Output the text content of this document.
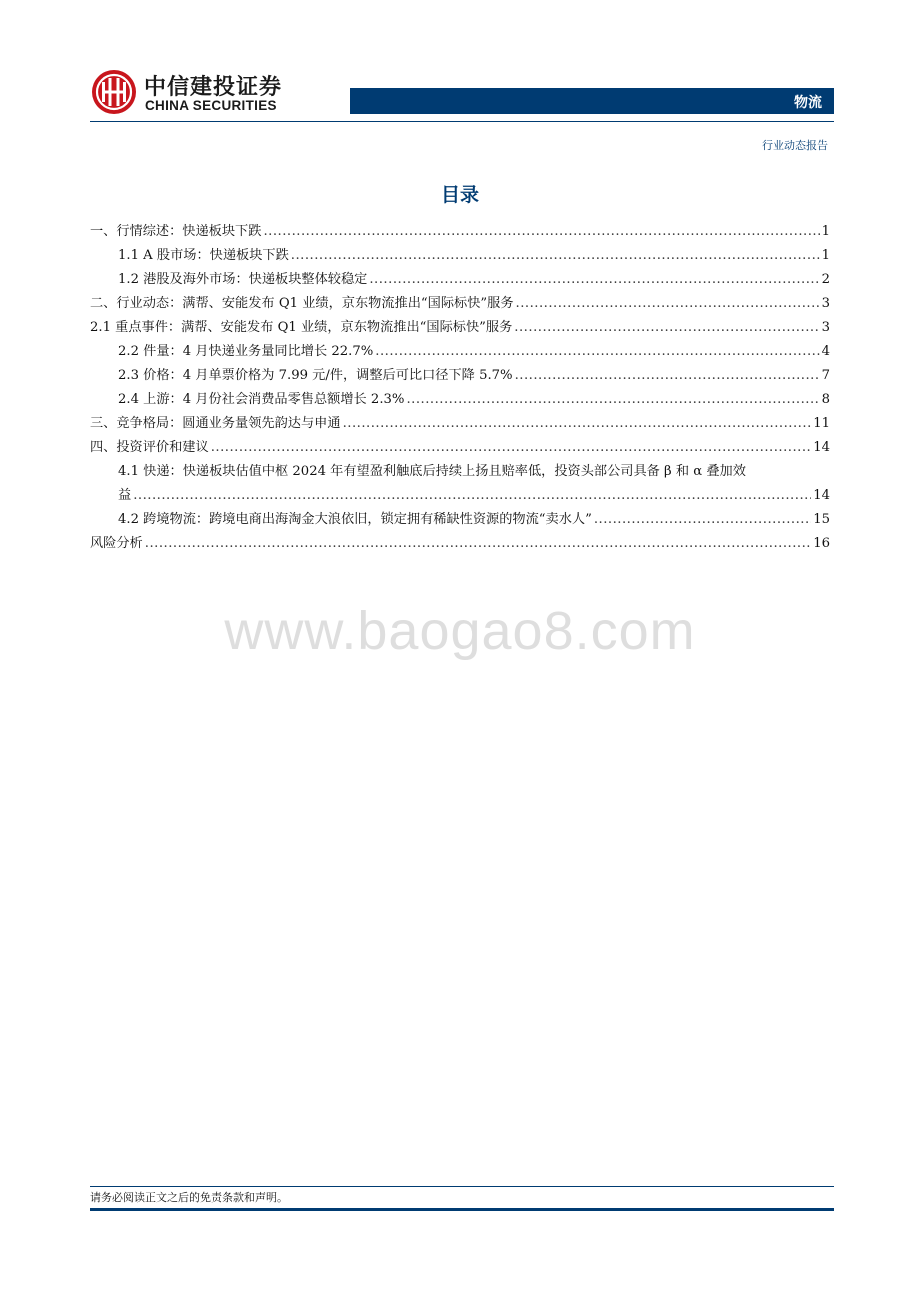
中信建投证券
CHINA SECURITIES	物流
行业动态报告
目录
一、行情综述：快递板块下跌 .....	1
1.1 A 股市场：快递板块下跌 .....	1
1.2 港股及海外市场：快递板块整体较稳定 .....	2
二、行业动态：满帮、安能发布 Q1 业绩，京东物流推出“国际标快”服务 .....	3
2.1 重点事件：满帮、安能发布 Q1 业绩，京东物流推出“国际标快”服务 .....	3
2.2 件量：4 月快递业务量同比增长 22.7% .....	4
2.3 价格：4 月单票价格为 7.99 元/件，调整后可比口径下降 5.7% .....	7
2.4 上游：4 月份社会消费品零售总额增长 2.3% .....	8
三、竞争格局：圆通业务量领先韵达与申通 .....	11
四、投资评价和建议 .....	14
4.1 快递：快递板块估值中枢 2024 年有望盈利触底后持续上扬且赔率低，投资头部公司具备 β 和 α 叠加效
益 .....	14
4.2 跨境物流：跨境电商出海淘金大浪依旧，锁定拥有稀缺性资源的物流“卖水人” .....	15
风险分析 .....	16
www.baogao8.com
请务必阅读正文之后的免责条款和声明。
